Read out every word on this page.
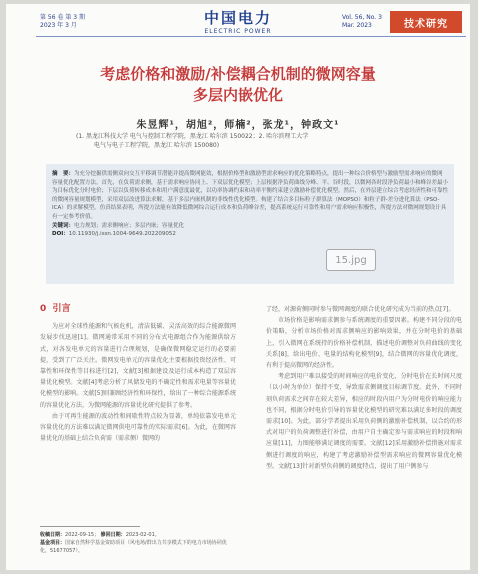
第 56 卷 第 3 期
2023 年 3 月	中国电力
ELECTRIC POWER
Vol. 56, No. 3
Mar. 2023	技术研究
考虑价格和激励/补偿耦合机制的微网容量
多层内嵌优化
朱昱辉¹，胡旭²，师楠²，张龙¹，钟政文¹
(1. 黑龙江科技大学 电气与控制工程学院，黑龙江 哈尔滨 150022；2. 哈尔滨理工大学
电气与电子工程学院，黑龙江 哈尔滨 150080)
摘　要：为充分挖掘供需侧双向交互平移调节潜能并提高微网能效，根据价格型和激励型需求响应的优化策略特点，提出一种综合价格型与激励型需求响应的微网容量优化配置方法。首先，在负荷需求侧，基于需求响应协同上、下双层优化模型；上层根据净负荷曲线分峰、平、谷时段，以微网各时段净负荷最小和峰谷差最小为目标优化分时电价；下层以负荷转移成本和用户满意度最优，以功率协调约束和功率平衡约束建立激励补偿优化模型。然后，在外层建立综合考虑经济性和可靠性的微网容量规划模型，采用双层改进算法求解，基于多层内嵌机制的非线性优化模型。构建了结合多目标粒子群算法（MOPSO）和粒子群-差分进化算法（PSO-ICA）的求解模型。仿真结果表明，所提方法能有效降低微网综合运行成本和负荷峰谷差，提高系统运行可靠性和用户需求响应积极性，所提方法对微网规划设计具有一定参考价值。
关键词：电力规划；需求侧响应；多层内嵌；容量优化
DOI：10.11930/j.issn.1004-9649.202209052
15.jpg
0 引言

为应对全球性能源和气候危机，清洁低碳、灵活高效的综合能源微网发展步伐迅速[1]。微网通常采用不同的分布式电源组合作为能源供给方式，对各发电单元的容量进行合理规划，是确保微网稳定运行的必要前提，受到了广泛关注。微网发电单元的容量优化主要根据投资经济性、可靠性和环保性等目标进行[2]，文献[3]根据建设及运行成本构造了双层容量优化模型。文献[4]考虑分析了风储发电的不确定性和需求电量等容量优化模型的影响。文献[5]则兼顾经济性和环保性，给出了一种综合能源系统的容量优化方法，为微网能源的容量优化研究提供了参考。

由于可再生能源的波动性和间歇性特点较为显著，单纯依靠发电单元容量优化的方法难以满足微网供电可靠性的实际需求[6]。为此，在微网容量优化的基础上结合负荷需（需求侧）微网的

了经，对源荷侧同时参与微网调度的联合优化研究成为当前的热点[7]。

市场价格是影响需求侧参与系统调度的重要因素。构建不同分段的电价策略，分析市场价格对需求侧响应的影响效果，并在分时电价的基础上，引入微网在系统持的价格补偿机制，描述电价调整对负荷曲线的变化关系[8]，给出电价、电量的结构化模型[9]，结合微网的容量优化调度，有利于提高微网的经济性。

考虑到用户难以接受的时间响应的电价变化，分时电价在长时间尺度（以小时为单位）保持不变，导致需求侧调度目标调节度。此外，不同时刻负荷需求之间存在较大差异，相应的时段内用户为分时电价的响应能力也不同，根据分时电价引导的容量优化模型的研究难以满足多时段的调度需求[10]。为此，部分学者提出采用负荷侧的激励补偿机制，以合约的形式对用户的负荷调整进行补偿，由用户自主确定参与需求响应的时段和响应量[11]，力图能够满足调度的需要。文献[12]采用激励补偿措施对需求侧进行调度的响应，构建了考虑激励补偿型需求响应的微网容量优化模型。文献[13]针对新型负荷侧的调度特点，提出了用户侧参与

收稿日期：2022-09-15； 修回日期：2023-02-01。
基金项目：国家自然科学基金资助项目（风电场/群出力共享模式下的电力市场协同优化，51677057）。
